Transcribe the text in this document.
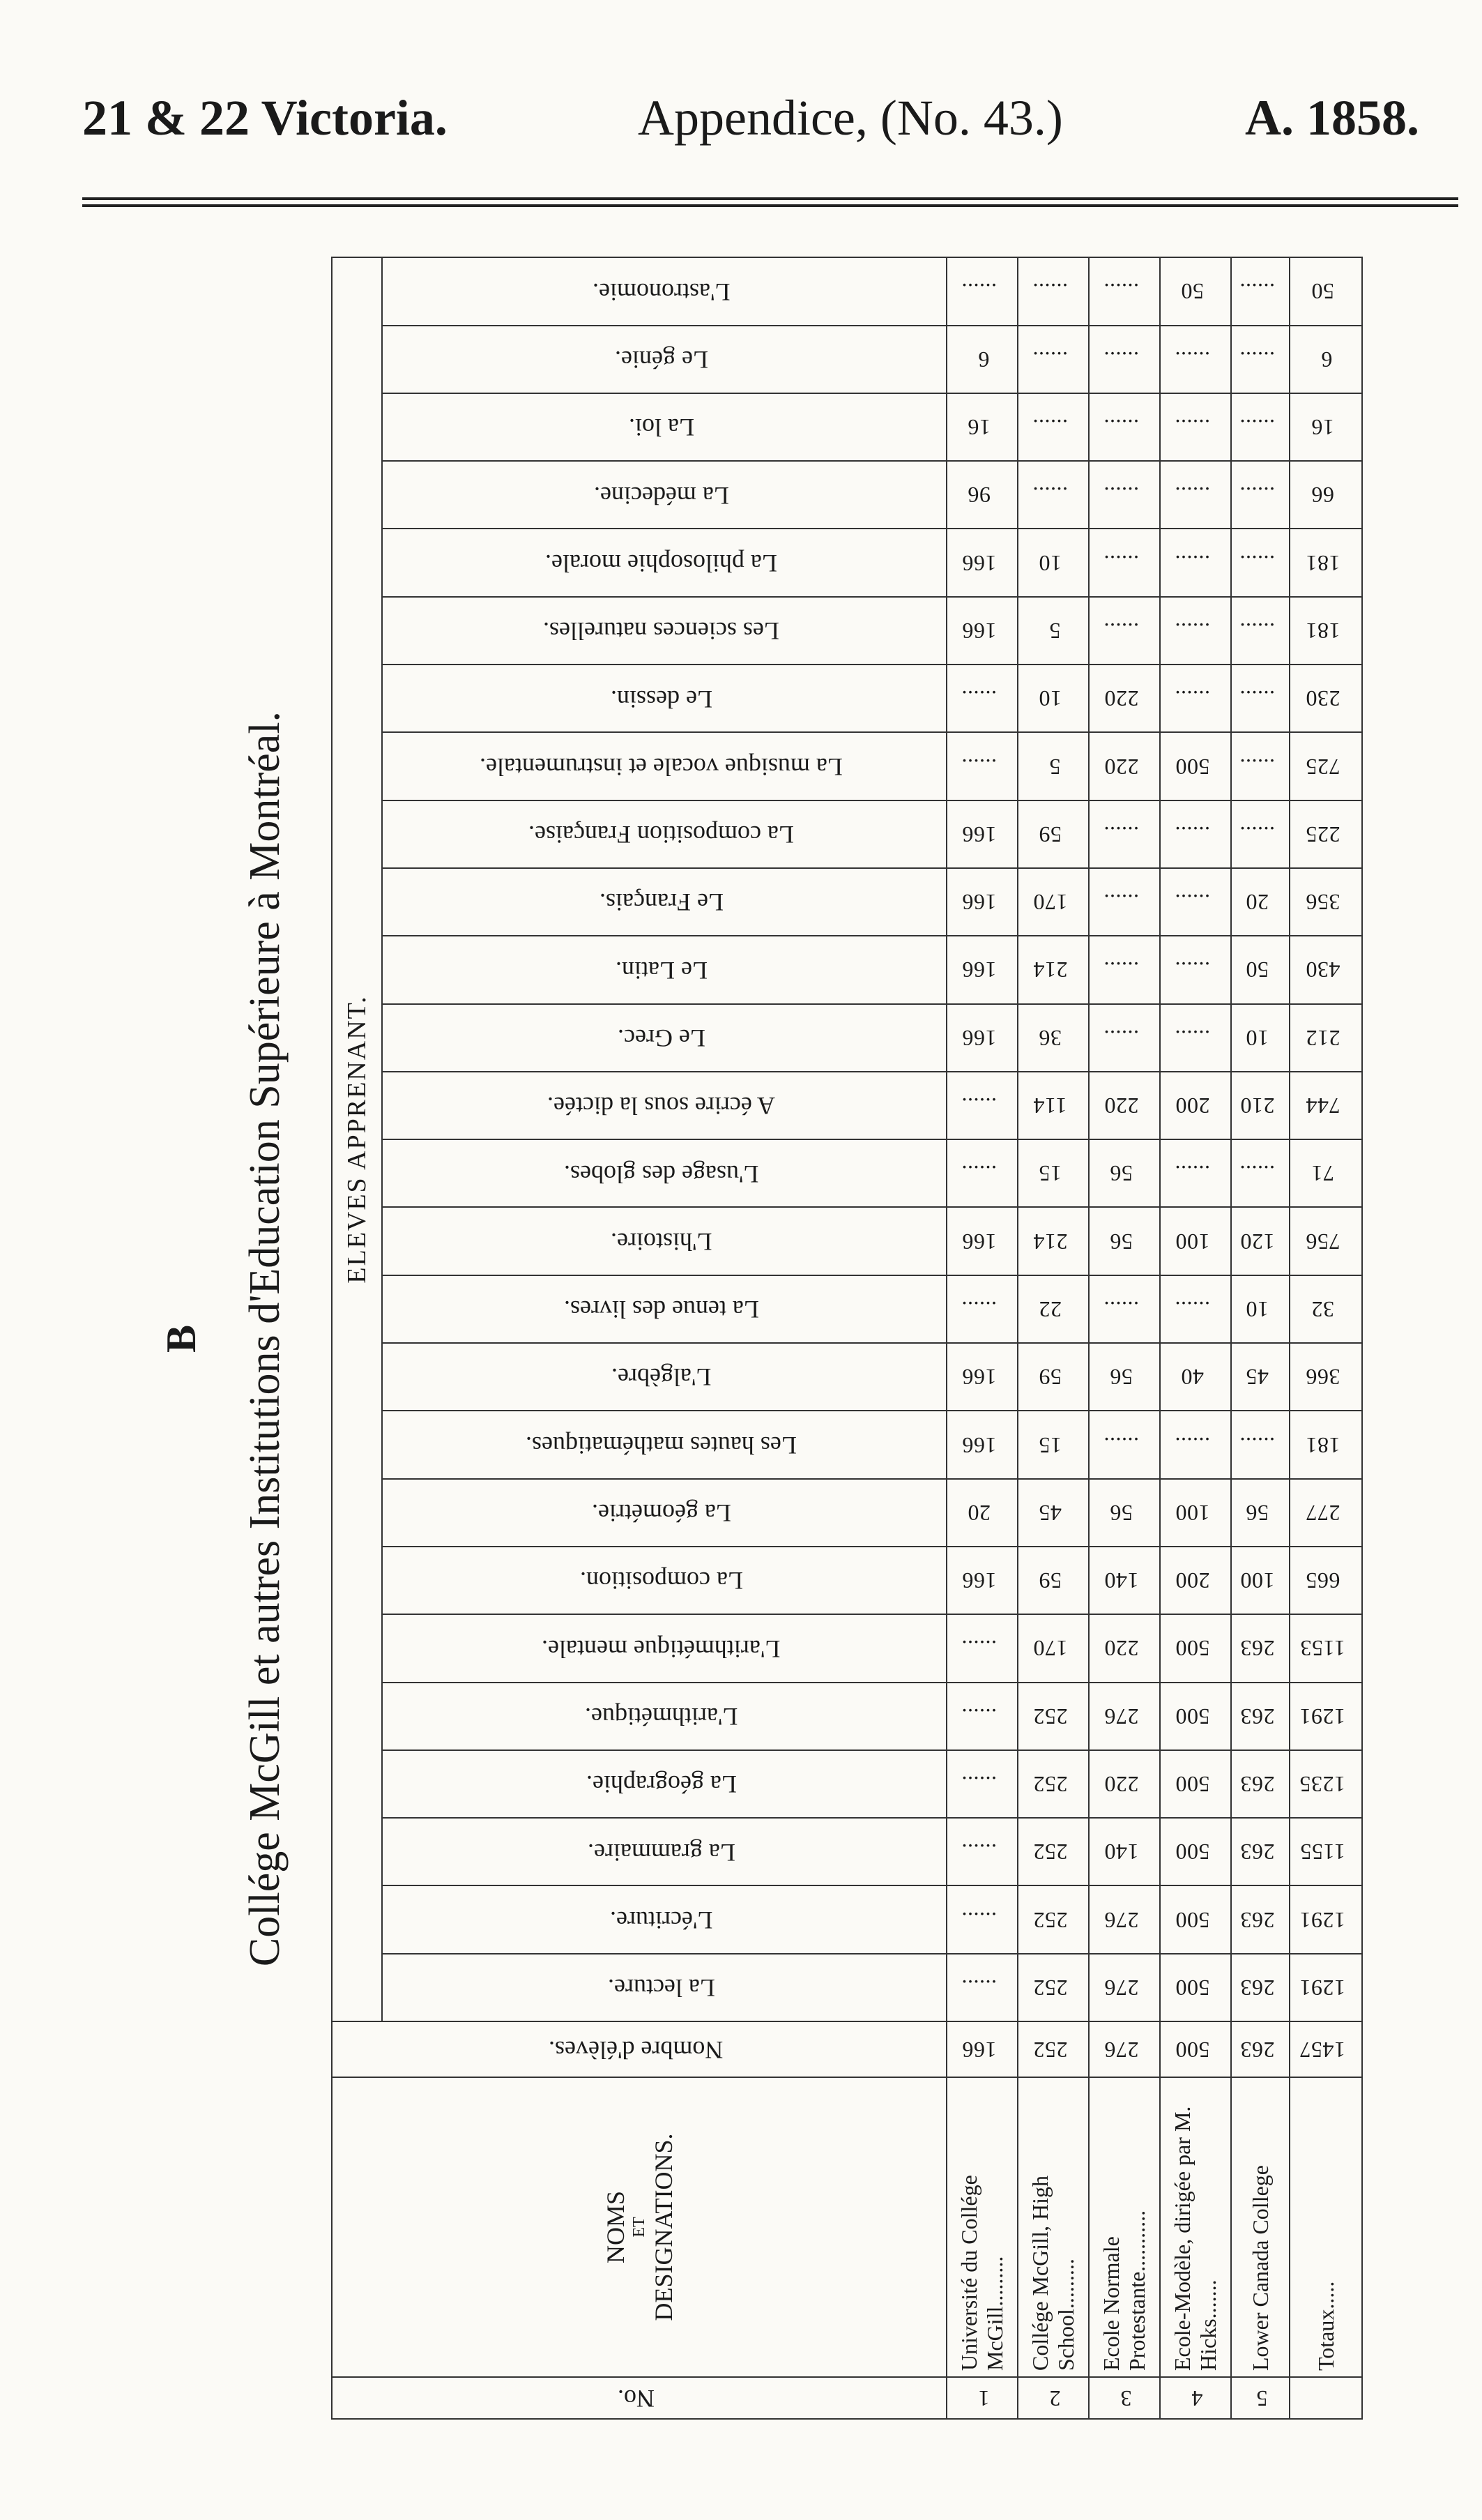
21 & 22 Victoria.	Appendice, (No. 43.)	A. 1858.
B Collége McGill et autres Institutions d'Education Supérieure à Montréal.
No.	NOMS ET DESIGNATIONS.	Nombre d'élèves.	ELEVES APPRENANT.																									
			La lecture.	L'écriture.	La grammaire.	La géographie.	L'arithmétique.	L'arithmétique mentale.	La composition.	La géométrie.	Les hautes mathématiques.	L'algèbre.	La tenue des livres.	L'histoire.	L'usage des globes.	A écrire sous la dictée.	Le Grec.	Le Latin.	Le Français.	La composition Française.	La musique vocale et instrumentale.	Le dessin.	Les sciences naturelles.	La philosophie morale.	La médecine.	La loi.	Le génie.	L'astronomie.
1	Université du Collége McGill.........	166	......	......	......	......	......	......	166	20	166	166	......	166	......	......	166	166	166	166	......	......	166	166	96	16	6	......
2	Collége McGill, High School.........	252	252	252	252	252	252	170	59	45	15	59	22	214	15	114	36	214	170	59	5	10	5	10	......	......	......	......
3	Ecole Normale Protestante...........	276	276	276	140	220	276	220	140	56	......	56	......	56	56	220	......	......	......	......	220	220	......	......	......	......	......	......
4	Ecole-Modèle, dirigée par M. Hicks.......	500	500	500	500	500	500	500	200	100	......	40	......	100	......	200	......	......	......	......	500	......	......	......	......	......	......	50
5	Lower Canada College	263	263	263	263	263	263	263	100	56	......	45	10	120	......	210	10	50	20	......	......	......	......	......	......	......	......	......
	Totaux.....	1457	1291	1291	1155	1235	1291	1153	665	277	181	366	32	756	71	744	212	430	356	225	725	230	181	181	66	16	6	50
